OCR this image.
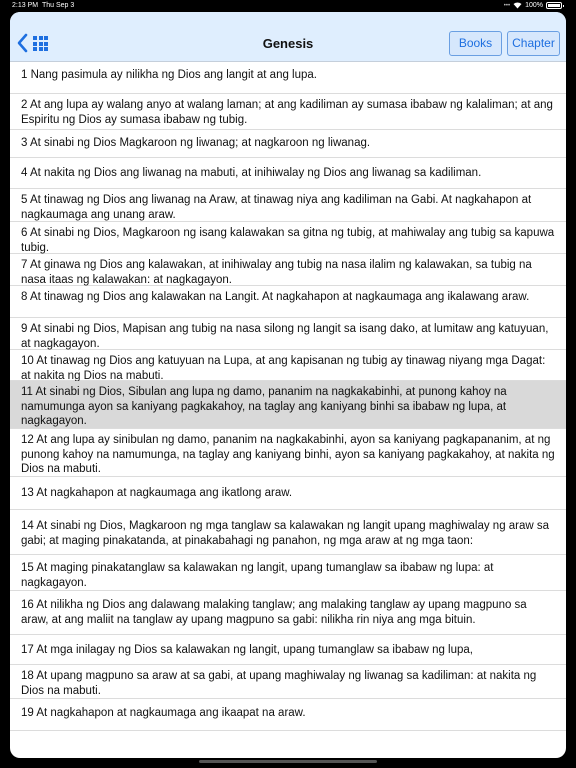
2:13 PM Thu Sep 3	••• 100%
Genesis	Books	Chapter
1 Nang pasimula ay nilikha ng Dios ang langit at ang lupa.
2 At ang lupa ay walang anyo at walang laman; at ang kadiliman ay sumasa ibabaw ng kalaliman; at ang Espiritu ng Dios ay sumasa ibabaw ng tubig.
3 At sinabi ng Dios Magkaroon ng liwanag; at nagkaroon ng liwanag.
4 At nakita ng Dios ang liwanag na mabuti, at inihiwalay ng Dios ang liwanag sa kadiliman.
5 At tinawag ng Dios ang liwanag na Araw, at tinawag niya ang kadiliman na Gabi. At nagkahapon at nagkaumaga ang unang araw.
6 At sinabi ng Dios, Magkaroon ng isang kalawakan sa gitna ng tubig, at mahiwalay ang tubig sa kapuwa tubig.
7 At ginawa ng Dios ang kalawakan, at inihiwalay ang tubig na nasa ilalim ng kalawakan, sa tubig na nasa itaas ng kalawakan: at nagkagayon.
8 At tinawag ng Dios ang kalawakan na Langit. At nagkahapon at nagkaumaga ang ikalawang araw.
9 At sinabi ng Dios, Mapisan ang tubig na nasa silong ng langit sa isang dako, at lumitaw ang katuyuan, at nagkagayon.
10 At tinawag ng Dios ang katuyuan na Lupa, at ang kapisanan ng tubig ay tinawag niyang mga Dagat: at nakita ng Dios na mabuti.
11 At sinabi ng Dios, Sibulan ang lupa ng damo, pananim na nagkakabinhi, at punong kahoy na namumunga ayon sa kaniyang pagkakahoy, na taglay ang kaniyang binhi sa ibabaw ng lupa, at nagkagayon.
12 At ang lupa ay sinibulan ng damo, pananim na nagkakabinhi, ayon sa kaniyang pagkapananim, at ng punong kahoy na namumunga, na taglay ang kaniyang binhi, ayon sa kaniyang pagkakahoy, at nakita ng Dios na mabuti.
13 At nagkahapon at nagkaumaga ang ikatlong araw.
14 At sinabi ng Dios, Magkaroon ng mga tanglaw sa kalawakan ng langit upang maghiwalay ng araw sa gabi; at maging pinakatanda, at pinakabahagi ng panahon, ng mga araw at ng mga taon:
15 At maging pinakatanglaw sa kalawakan ng langit, upang tumanglaw sa ibabaw ng lupa: at nagkagayon.
16 At nilikha ng Dios ang dalawang malaking tanglaw; ang malaking tanglaw ay upang magpuno sa araw, at ang maliit na tanglaw ay upang magpuno sa gabi: nilikha rin niya ang mga bituin.
17 At mga inilagay ng Dios sa kalawakan ng langit, upang tumanglaw sa ibabaw ng lupa,
18 At upang magpuno sa araw at sa gabi, at upang maghiwalay ng liwanag sa kadiliman: at nakita ng Dios na mabuti.
19 At nagkahapon at nagkaumaga ang ikaapat na araw.
